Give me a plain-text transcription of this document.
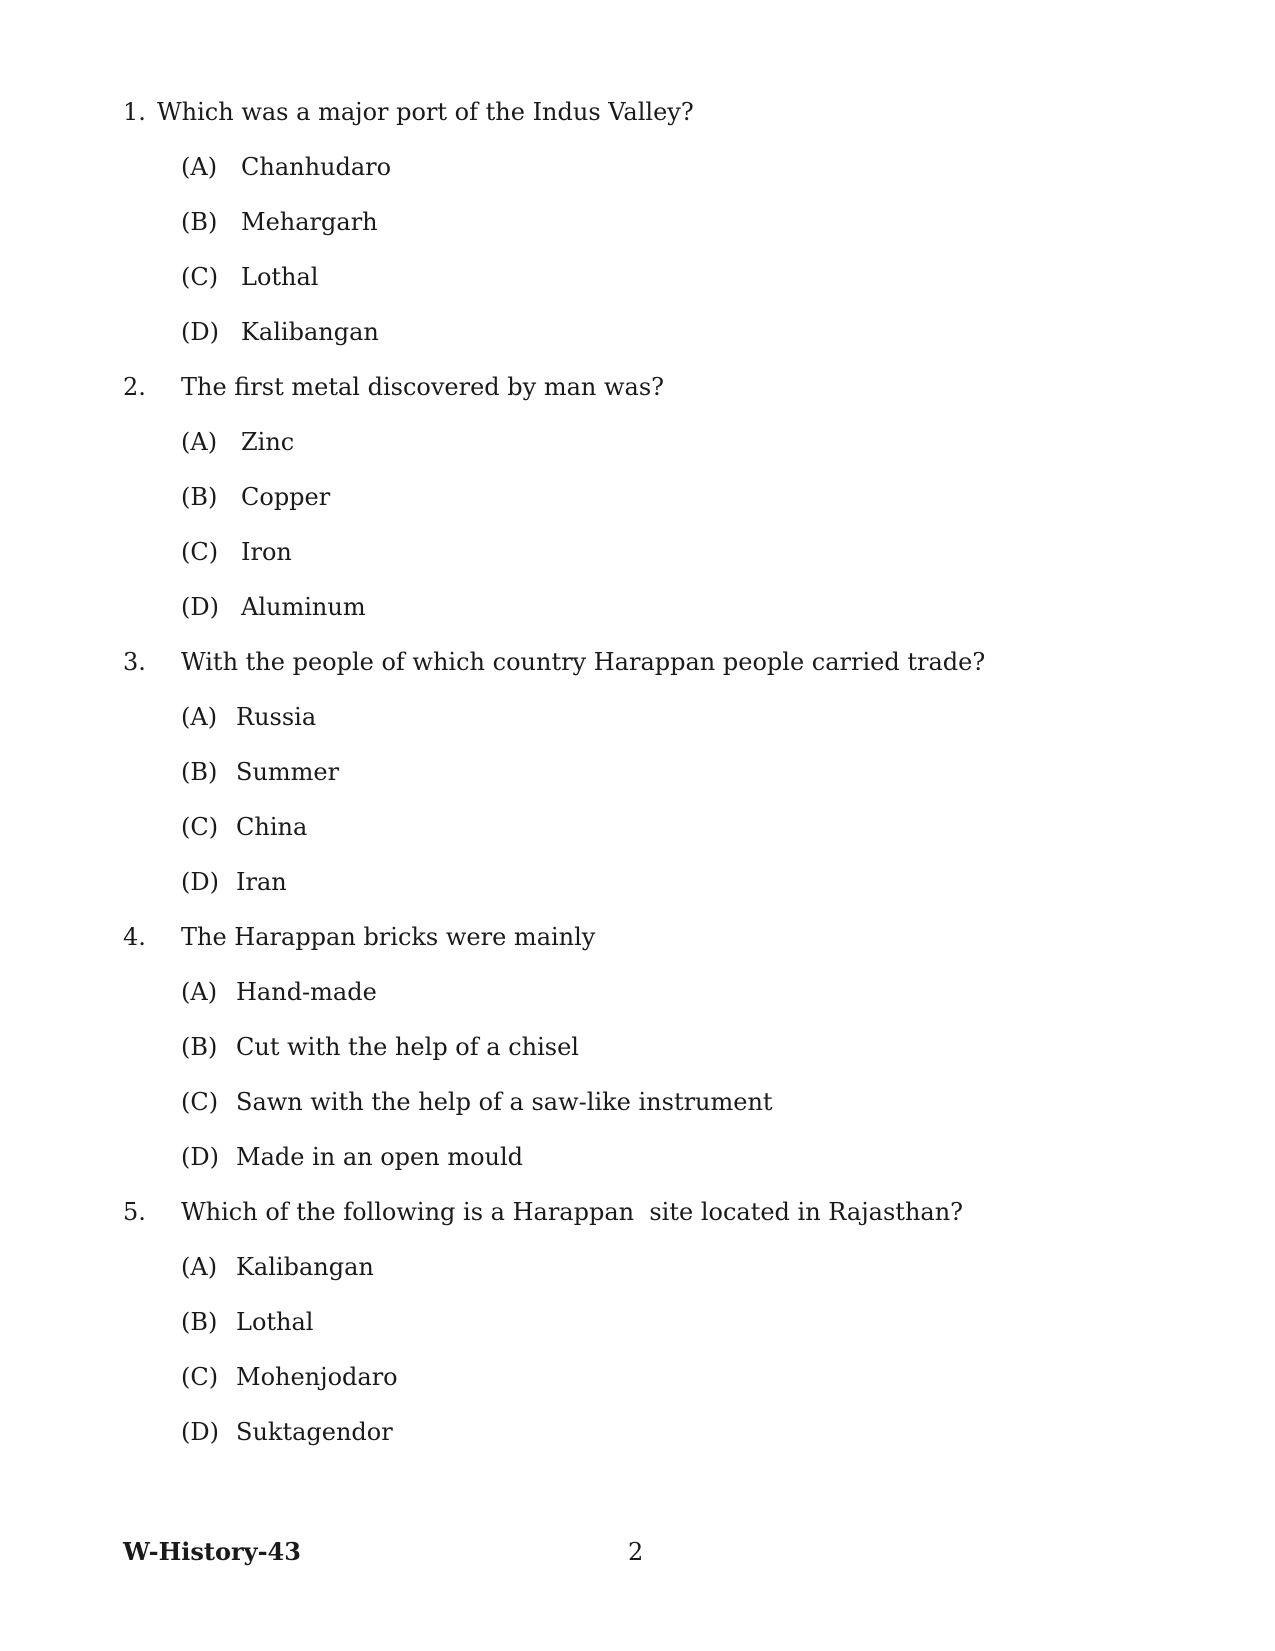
1. Which was a major port of the Indus Valley?
(A) Chanhudaro
(B) Mehargarh
(C) Lothal
(D) Kalibangan
2. The first metal discovered by man was?
(A) Zinc
(B) Copper
(C) Iron
(D) Aluminum
3. With the people of which country Harappan people carried trade?
(A) Russia
(B) Summer
(C) China
(D) Iran
4. The Harappan bricks were mainly
(A) Hand-made
(B) Cut with the help of a chisel
(C) Sawn with the help of a saw-like instrument
(D) Made in an open mould
5. Which of the following is a Harappan  site located in Rajasthan?
(A) Kalibangan
(B) Lothal
(C) Mohenjodaro
(D) Suktagendor
W-History-43	2
